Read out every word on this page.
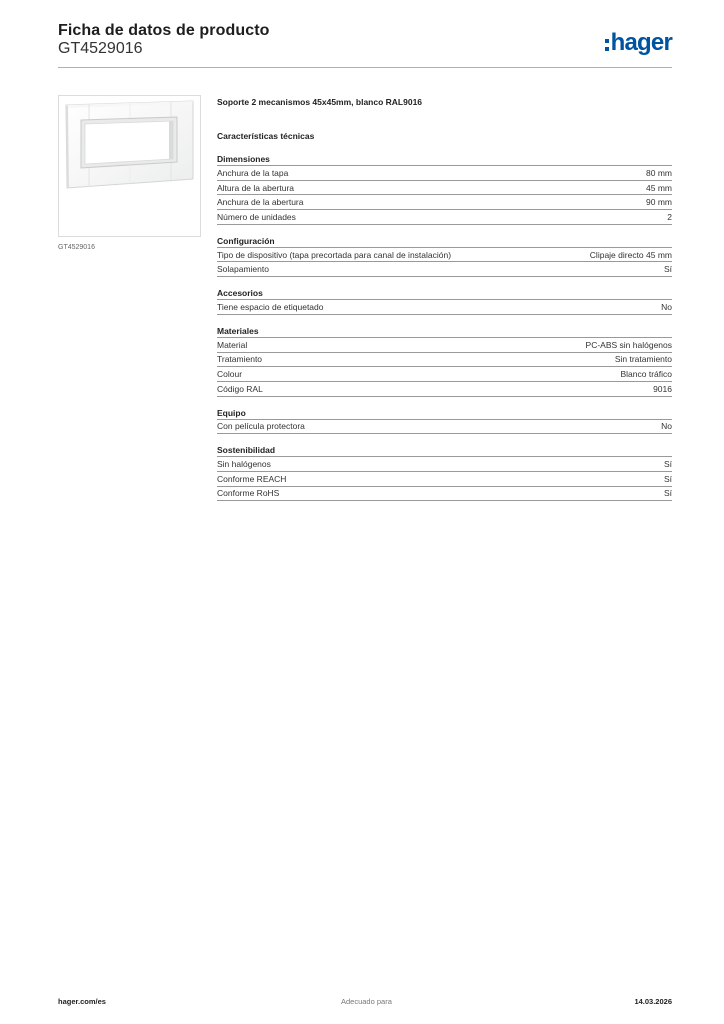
Ficha de datos de producto
GT4529016	hager
GT4529016
Soporte 2 mecanismos 45x45mm, blanco RAL9016
Características técnicas
Dimensiones
Anchura de la tapa	80 mm
Altura de la abertura	45 mm
Anchura de la abertura	90 mm
Número de unidades	2
Configuración
Tipo de dispositivo (tapa precortada para canal de instalación)	Clipaje directo 45 mm
Solapamiento	Sí
Accesorios
Tiene espacio de etiquetado	No
Materiales
Material	PC-ABS sin halógenos
Tratamiento	Sin tratamiento
Colour	Blanco tráfico
Código RAL	9016
Equipo
Con película protectora	No
Sostenibilidad
Sin halógenos	Sí
Conforme REACH	Sí
Conforme RoHS	Sí
hager.com/es	Adecuado para	14.03.2026
